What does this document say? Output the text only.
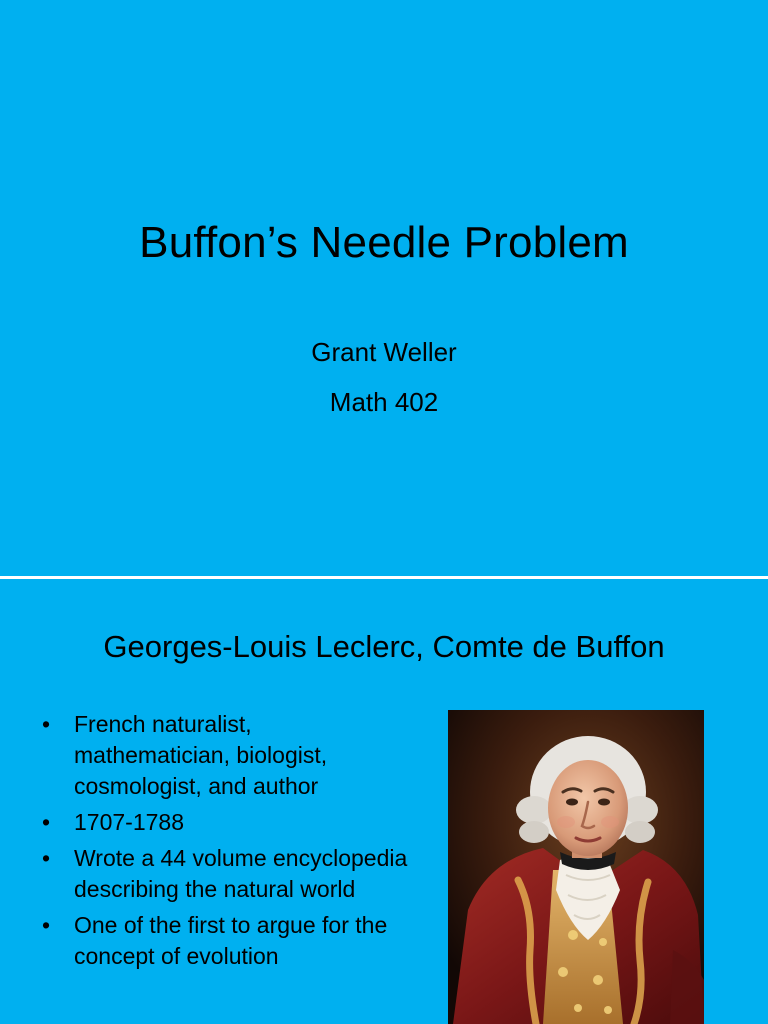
Buffon’s Needle Problem
Grant Weller
Math 402
Georges-Louis Leclerc, Comte de Buffon
• French naturalist, mathematician, biologist, cosmologist, and author
• 1707-1788
• Wrote a 44 volume encyclopedia describing the natural world
• One of the first to argue for the concept of evolution
